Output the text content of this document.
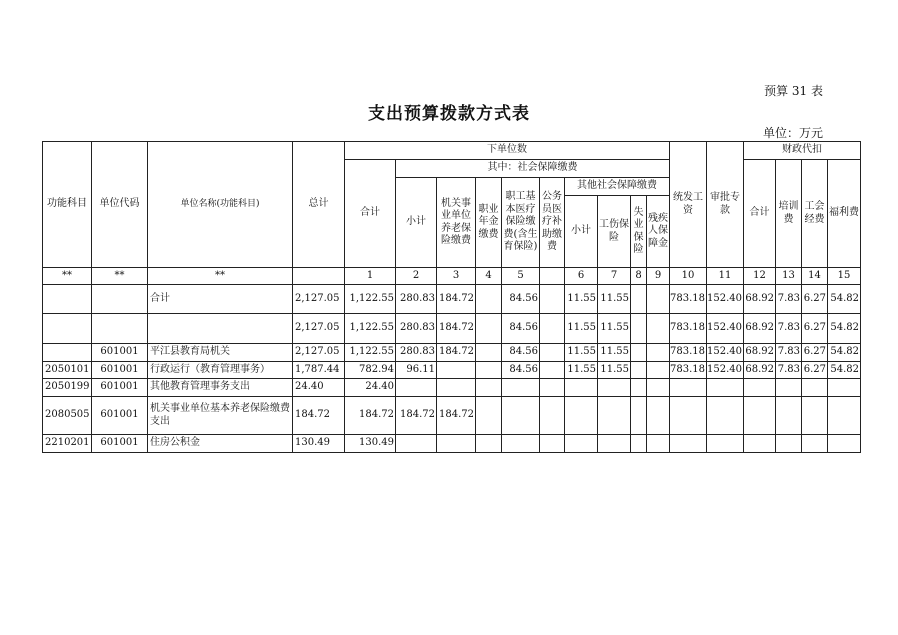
预算 31 表
支出预算拨款方式表
单位：万元
功能科目	单位代码	单位名称(功能科目)	总计	下单位数										统发工资	审批专款	财政代扣			
				合计	其中：社会保障缴费											合计	培训费	工会经费	福利费
					小计	机关事业单位养老保险缴费	职业年金缴费	职工基本医疗保险缴费(含生育保险)	公务员医疗补助缴费	其他社会保障缴费									
										小计	工伤保险	失业保险	残疾人保障金						
**	**	**		1	2	3	4	5		6	7	8	9	10	11	12	13	14	15
		合计	2,127.05	1,122.55	280.83	184.72		84.56		11.55	11.55			783.18	152.40	68.92	7.83	6.27	54.82
			2,127.05	1,122.55	280.83	184.72		84.56		11.55	11.55			783.18	152.40	68.92	7.83	6.27	54.82
	601001	平江县教育局机关	2,127.05	1,122.55	280.83	184.72		84.56		11.55	11.55			783.18	152.40	68.92	7.83	6.27	54.82
2050101	601001	行政运行（教育管理事务）	1,787.44	782.94	96.11			84.56		11.55	11.55			783.18	152.40	68.92	7.83	6.27	54.82
2050199	601001	其他教育管理事务支出	24.40	24.40															
2080505	601001	机关事业单位基本养老保险缴费支出	184.72	184.72	184.72	184.72													
2210201	601001	住房公积金	130.49	130.49															
